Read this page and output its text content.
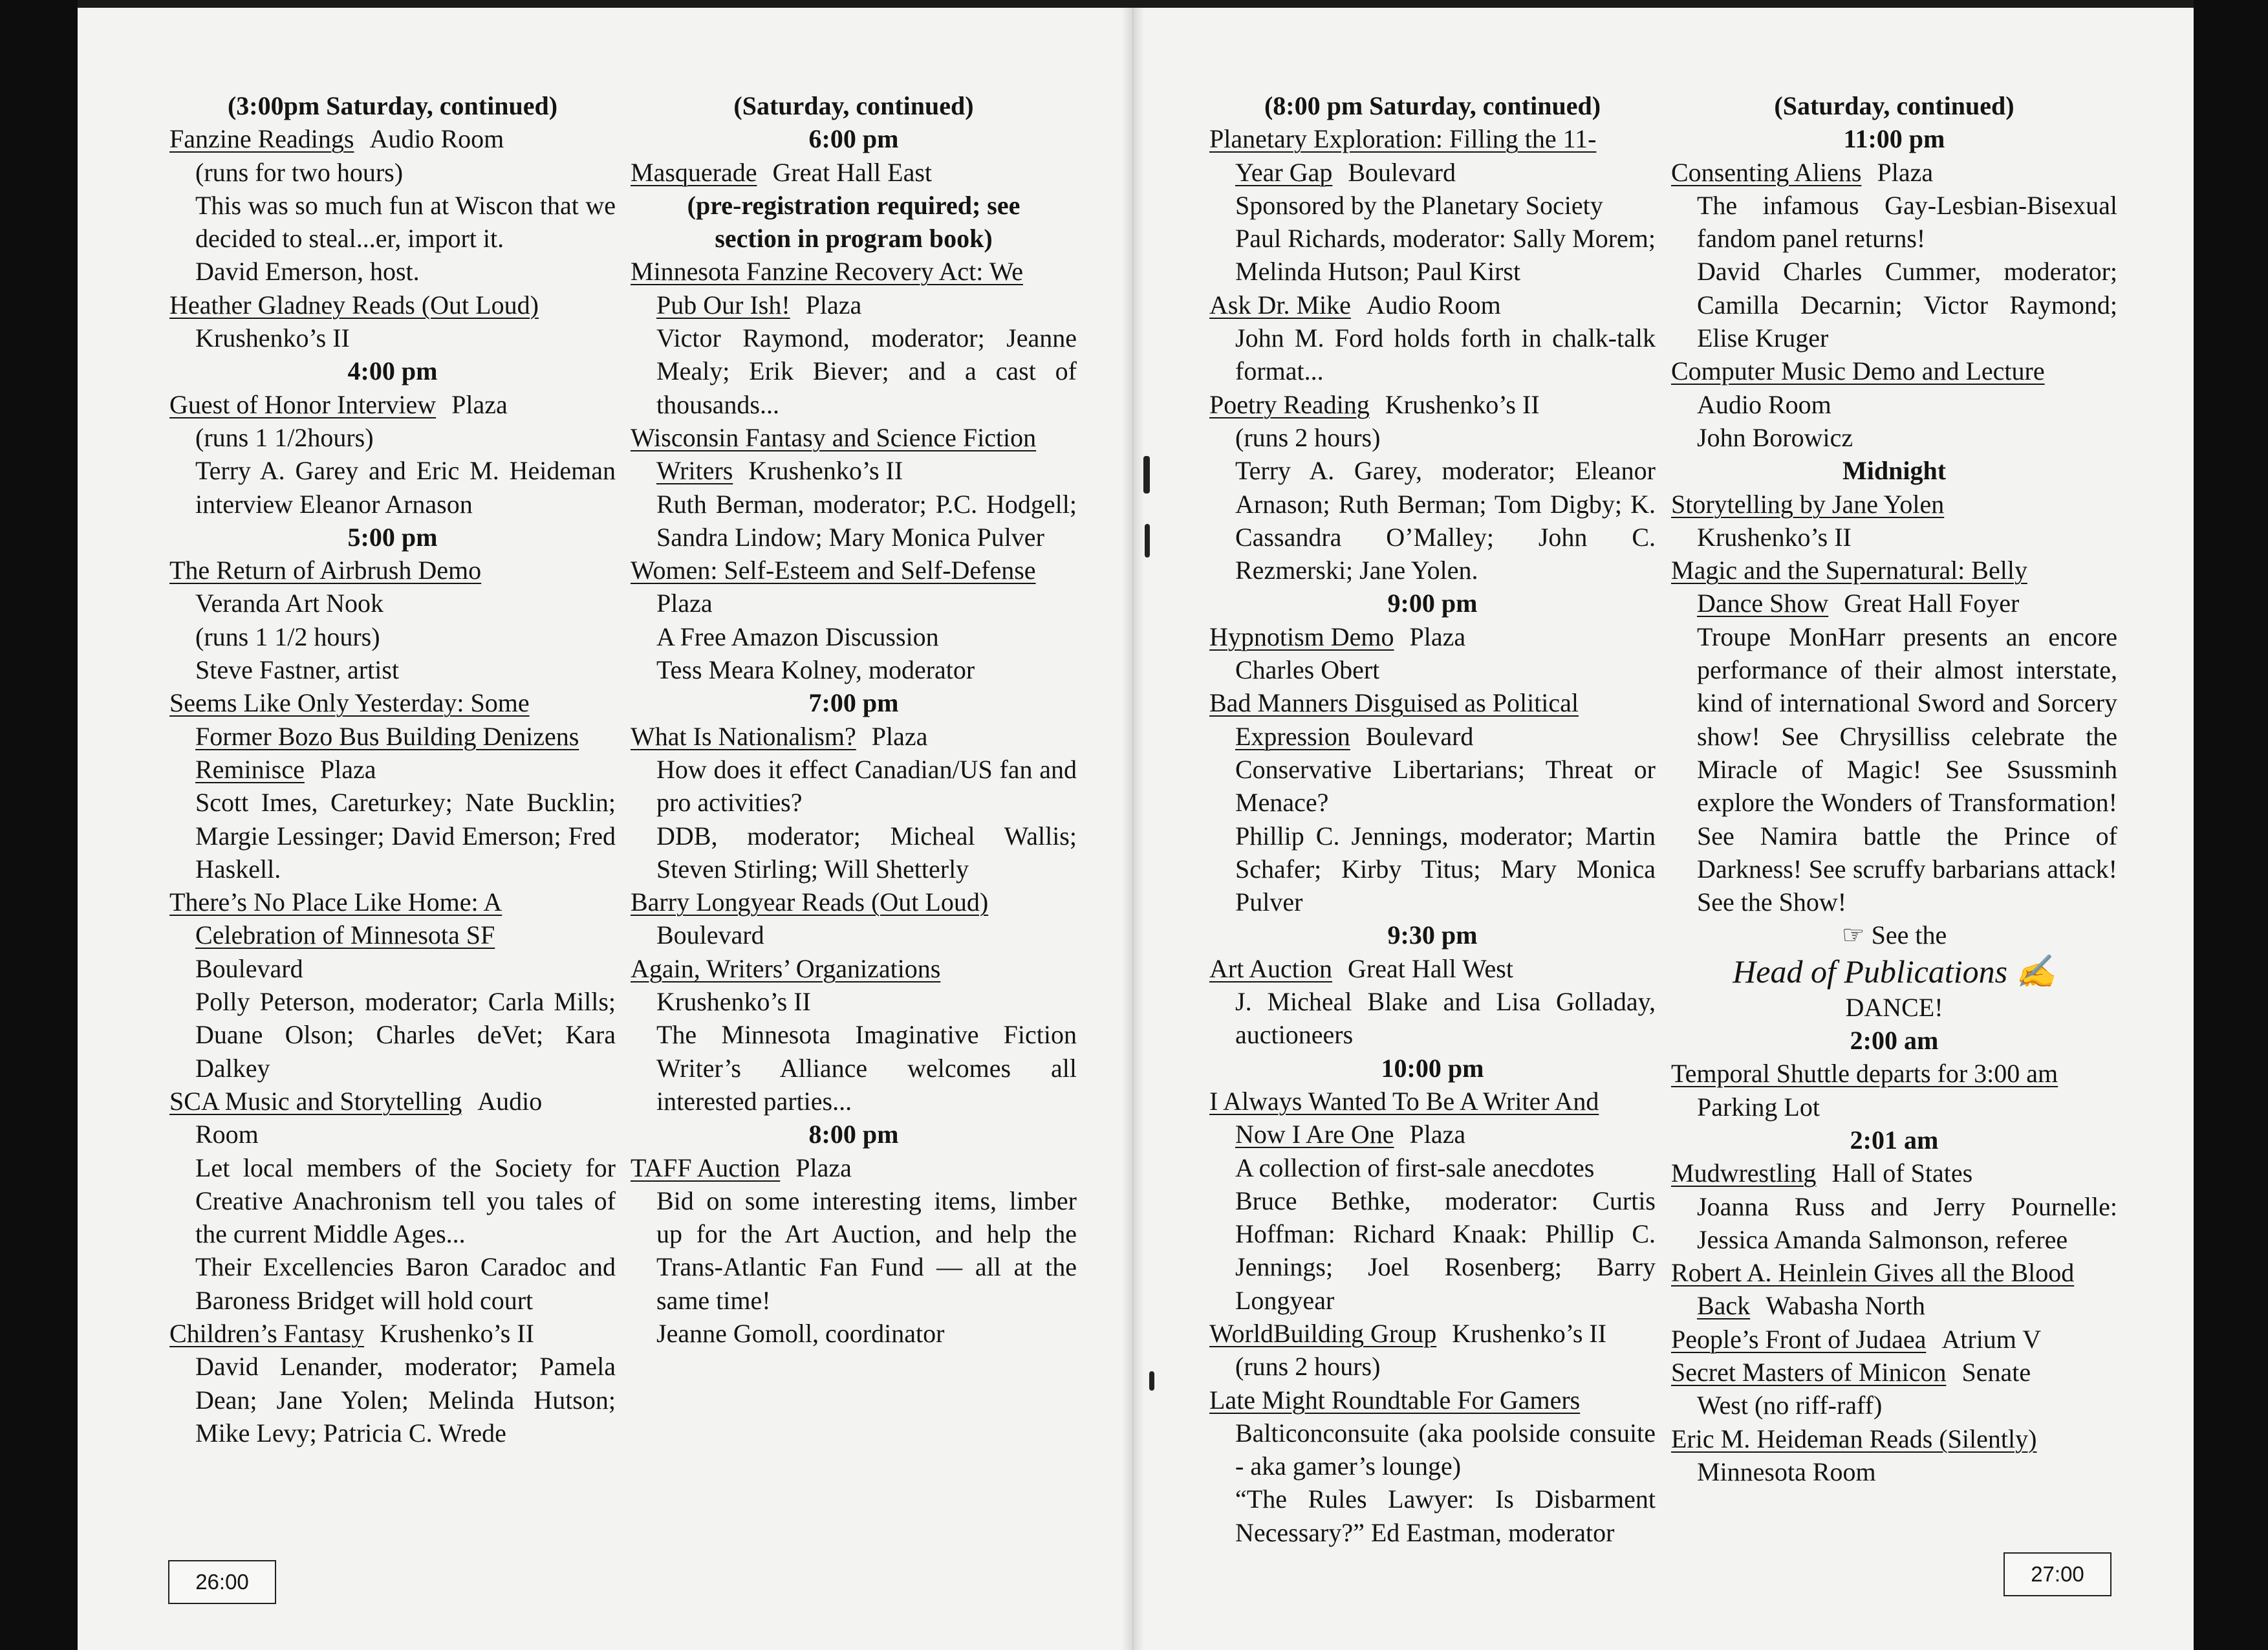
(3:00pm Saturday, continued)
Fanzine Readings Audio Room
(runs for two hours)
This was so much fun at Wiscon that we decided to steal...er, import it.
David Emerson, host.
Heather Gladney Reads (Out Loud)
Krushenko’s II
4:00 pm
Guest of Honor Interview Plaza
(runs 1 1/2hours)
Terry A. Garey and Eric M. Heideman interview Eleanor Arnason
5:00 pm
The Return of Airbrush Demo
Veranda Art Nook
(runs 1 1/2 hours)
Steve Fastner, artist
Seems Like Only Yesterday: Some
Former Bozo Bus Building Denizens
Reminisce Plaza
Scott Imes, Careturkey; Nate Bucklin; Margie Lessinger; David Emerson; Fred Haskell.
There’s No Place Like Home: A
Celebration of Minnesota SF
Boulevard
Polly Peterson, moderator; Carla Mills; Duane Olson; Charles deVet; Kara Dalkey
SCA Music and Storytelling Audio
Room
Let local members of the Society for Creative Anachronism tell you tales of the current Middle Ages...
Their Excellencies Baron Caradoc and Baroness Bridget will hold court
Children’s Fantasy Krushenko’s II
David Lenander, moderator; Pamela Dean; Jane Yolen; Melinda Hutson; Mike Levy; Patricia C. Wrede
(Saturday, continued)
6:00 pm
Masquerade Great Hall East
(pre-registration required; see section in program book)
Minnesota Fanzine Recovery Act: We
Pub Our Ish! Plaza
Victor Raymond, moderator; Jeanne Mealy; Erik Biever; and a cast of thousands...
Wisconsin Fantasy and Science Fiction
Writers Krushenko’s II
Ruth Berman, moderator; P.C. Hodgell; Sandra Lindow; Mary Monica Pulver
Women: Self-Esteem and Self-Defense
Plaza
A Free Amazon Discussion
Tess Meara Kolney, moderator
7:00 pm
What Is Nationalism? Plaza
How does it effect Canadian/US fan and pro activities?
DDB, moderator; Micheal Wallis; Steven Stirling; Will Shetterly
Barry Longyear Reads (Out Loud)
Boulevard
Again, Writers’ Organizations
Krushenko’s II
The Minnesota Imaginative Fiction Writer’s Alliance welcomes all interested parties...
8:00 pm
TAFF Auction Plaza
Bid on some interesting items, limber up for the Art Auction, and help the Trans-Atlantic Fan Fund — all at the same time!
Jeanne Gomoll, coordinator
(8:00 pm Saturday, continued)
Planetary Exploration: Filling the 11-
Year Gap Boulevard
Sponsored by the Planetary Society
Paul Richards, moderator: Sally Morem; Melinda Hutson; Paul Kirst
Ask Dr. Mike Audio Room
John M. Ford holds forth in chalk-talk format...
Poetry Reading Krushenko’s II
(runs 2 hours)
Terry A. Garey, moderator; Eleanor Arnason; Ruth Berman; Tom Digby; K. Cassandra O’Malley; John C. Rezmerski; Jane Yolen.
9:00 pm
Hypnotism Demo Plaza
Charles Obert
Bad Manners Disguised as Political
Expression Boulevard
Conservative Libertarians; Threat or Menace?
Phillip C. Jennings, moderator; Martin Schafer; Kirby Titus; Mary Monica Pulver
9:30 pm
Art Auction Great Hall West
J. Micheal Blake and Lisa Golladay, auctioneers
10:00 pm
I Always Wanted To Be A Writer And
Now I Are One Plaza
A collection of first-sale anecdotes
Bruce Bethke, moderator: Curtis Hoffman: Richard Knaak: Phillip C. Jennings; Joel Rosenberg; Barry Longyear
WorldBuilding Group Krushenko’s II
(runs 2 hours)
Late Might Roundtable For Gamers
Balticonconsuite (aka poolside consuite - aka gamer’s lounge)
“The Rules Lawyer: Is Disbarment Necessary?” Ed Eastman, moderator
(Saturday, continued)
11:00 pm
Consenting Aliens Plaza
The infamous Gay-Lesbian-Bisexual fandom panel returns!
David Charles Cummer, moderator; Camilla Decarnin; Victor Raymond; Elise Kruger
Computer Music Demo and Lecture
Audio Room
John Borowicz
Midnight
Storytelling by Jane Yolen
Krushenko’s II
Magic and the Supernatural: Belly
Dance Show Great Hall Foyer
Troupe MonHarr presents an encore performance of their almost interstate, kind of international Sword and Sorcery show! See Chrysilliss celebrate the Miracle of Magic! See Ssussminh explore the Wonders of Transformation! See Namira battle the Prince of Darkness! See scruffy barbarians attack! See the Show!
☞ See the
Head of Publications ✍
DANCE!
2:00 am
Temporal Shuttle departs for 3:00 am
Parking Lot
2:01 am
Mudwrestling Hall of States
Joanna Russ and Jerry Pournelle: Jessica Amanda Salmonson, referee
Robert A. Heinlein Gives all the Blood
Back Wabasha North
People’s Front of Judaea Atrium V
Secret Masters of Minicon Senate
West (no riff-raff)
Eric M. Heideman Reads (Silently)
Minnesota Room
26:00	27:00
